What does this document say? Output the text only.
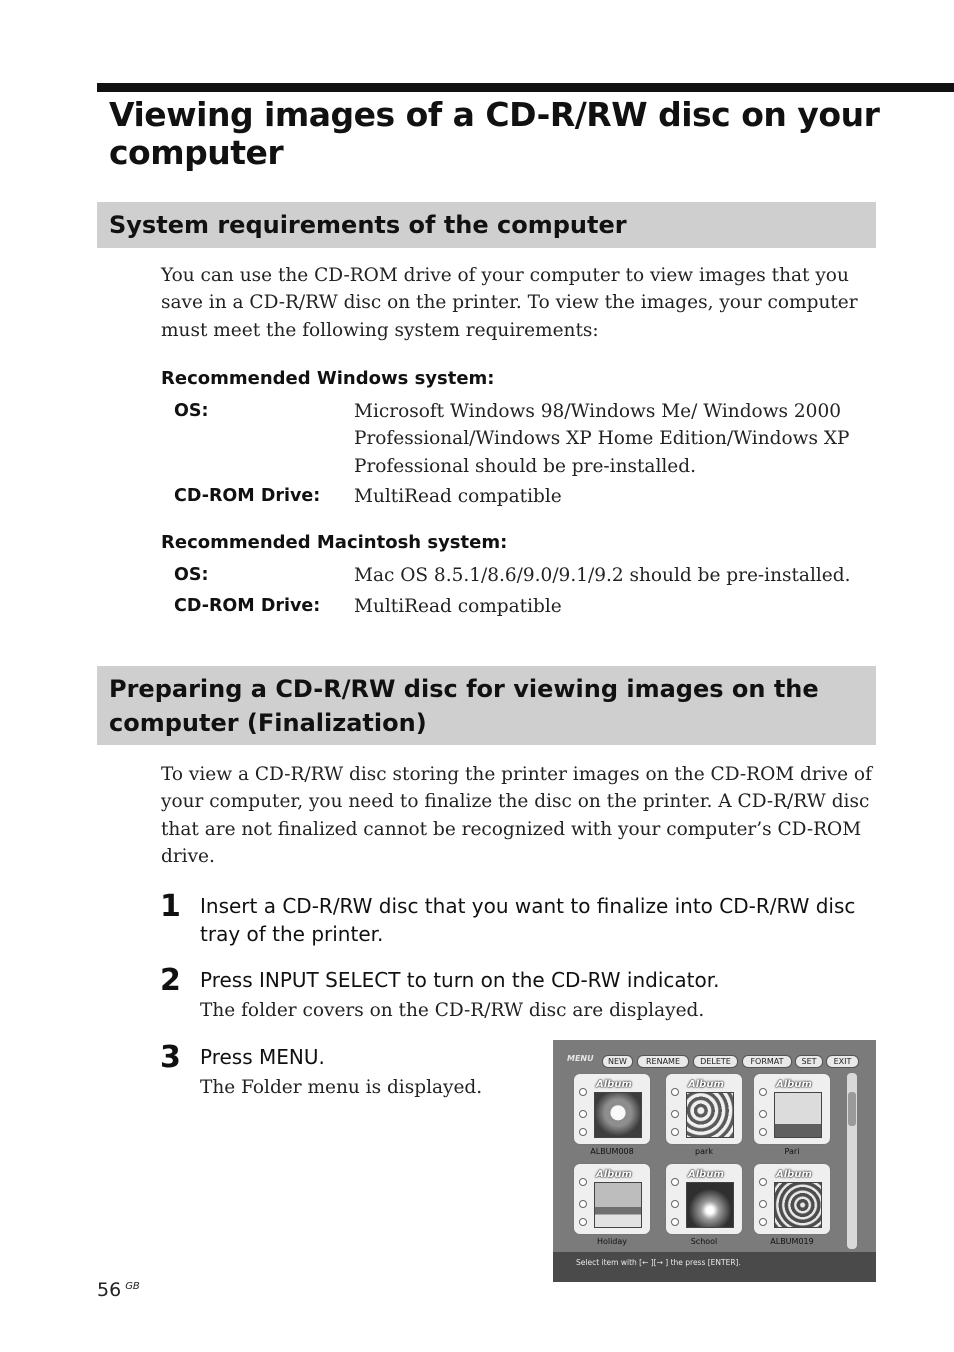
Viewing images of a CD-R/RW disc on your computer
System requirements of the computer

You can use the CD-ROM drive of your computer to view images that you save in a CD-R/RW disc on the printer. To view the images, your computer must meet the following system requirements:

Recommended Windows system:
OS:	Microsoft Windows 98/Windows Me/ Windows 2000 Professional/Windows XP Home Edition/Windows XP Professional should be pre-installed.

CD-ROM Drive: MultiRead compatible

Recommended Macintosh system:
OS:	Mac OS 8.5.1/8.6/9.0/9.1/9.2 should be pre-installed.

CD-ROM Drive: MultiRead compatible

Preparing a CD-R/RW disc for viewing images on the computer (Finalization)

To view a CD-R/RW disc storing the printer images on the CD-ROM drive of your computer, you need to finalize the disc on the printer. A CD-R/RW disc that are not finalized cannot be recognized with your computer’s CD-ROM drive.

1 Insert a CD-R/RW disc that you want to finalize into CD-R/RW disc tray of the printer.

2 Press INPUT SELECT to turn on the CD-RW indicator.

The folder covers on the CD-R/RW disc are displayed.

3 Press MENU.

The Folder menu is displayed.

MENU	NEW	RENAME	DELETE	FORMAT	SET	EXIT
Album
ALBUM008
Album
park
Album
Pari
Album
Holiday
Album
School
Album
ALBUM019
Select item with [← ][→ ] the press [ENTER].
56 $^{GB}$
